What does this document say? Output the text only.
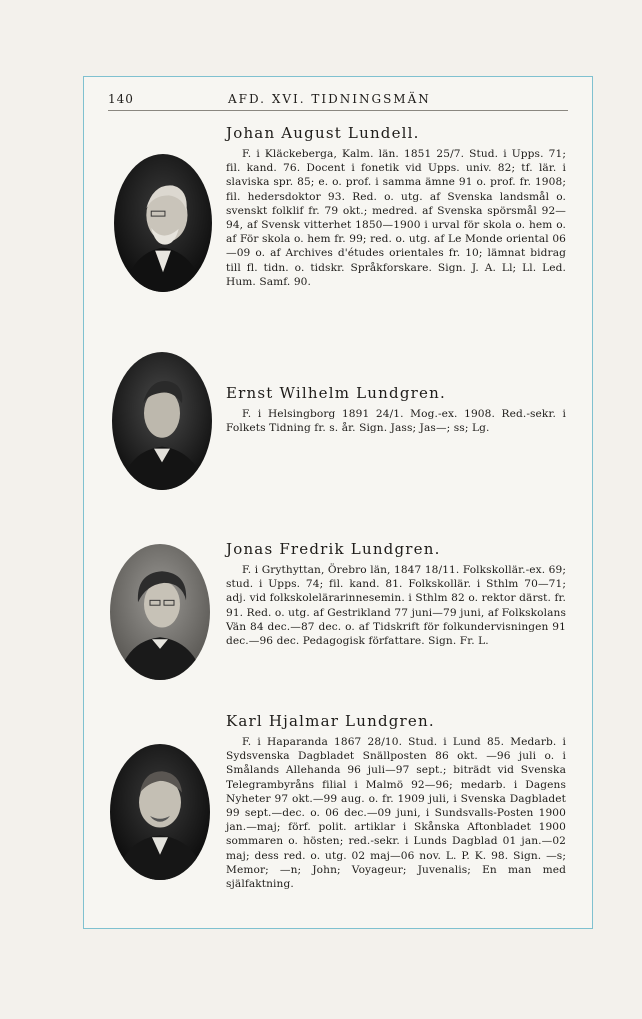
140	AFD. XVI. TIDNINGSMÄN
Johan August Lundell.

F. i Kläckeberga, Kalm. län. 1851 25/7. Stud. i Upps. 71; fil. kand. 76. Docent i fonetik vid Upps. univ. 82; tf. lär. i slaviska spr. 85; e. o. prof. i samma ämne 91 o. prof. fr. 1908; fil. hedersdoktor 93. Red. o. utg. af Svenska landsmål o. svenskt folklif fr. 79 okt.; medred. af Svenska spörsmål 92—94, af Svensk vitterhet 1850—1900 i urval för skola o. hem o. af För skola o. hem fr. 99; red. o. utg. af Le Monde oriental 06—09 o. af Archives d'études orientales fr. 10; lämnat bidrag till fl. tidn. o. tidskr. Språkforskare. Sign. J. A. Ll; Ll. Led. Hum. Samf. 90.

Ernst Wilhelm Lundgren.

F. i Helsingborg 1891 24/1. Mog.-ex. 1908. Red.-sekr. i Folkets Tidning fr. s. år. Sign. Jass; Jas—; ss; Lg.

Jonas Fredrik Lundgren.

F. i Grythyttan, Örebro län, 1847 18/11. Folkskollär.-ex. 69; stud. i Upps. 74; fil. kand. 81. Folkskollär. i Sthlm 70—71; adj. vid folkskolelärarinnesemin. i Sthlm 82 o. rektor därst. fr. 91. Red. o. utg. af Gestrikland 77 juni—79 juni, af Folkskolans Vän 84 dec.—87 dec. o. af Tidskrift för folkundervisningen 91 dec.—96 dec. Pedagogisk författare. Sign. Fr. L.

Karl Hjalmar Lundgren.

F. i Haparanda 1867 28/10. Stud. i Lund 85. Medarb. i Sydsvenska Dagbladet Snällposten 86 okt. —96 juli o. i Smålands Allehanda 96 juli—97 sept.; biträdt vid Svenska Telegrambyråns filial i Malmö 92—96; medarb. i Dagens Nyheter 97 okt.—99 aug. o. fr. 1909 juli, i Svenska Dagbladet 99 sept.—dec. o. 06 dec.—09 juni, i Sundsvalls-Posten 1900 jan.—maj; förf. polit. artiklar i Skånska Aftonbladet 1900 sommaren o. hösten; red.-sekr. i Lunds Dagblad 01 jan.—02 maj; dess red. o. utg. 02 maj—06 nov. L. P. K. 98. Sign. —s; Memor; —n; John; Voyageur; Juvenalis; En man med själfaktning.
